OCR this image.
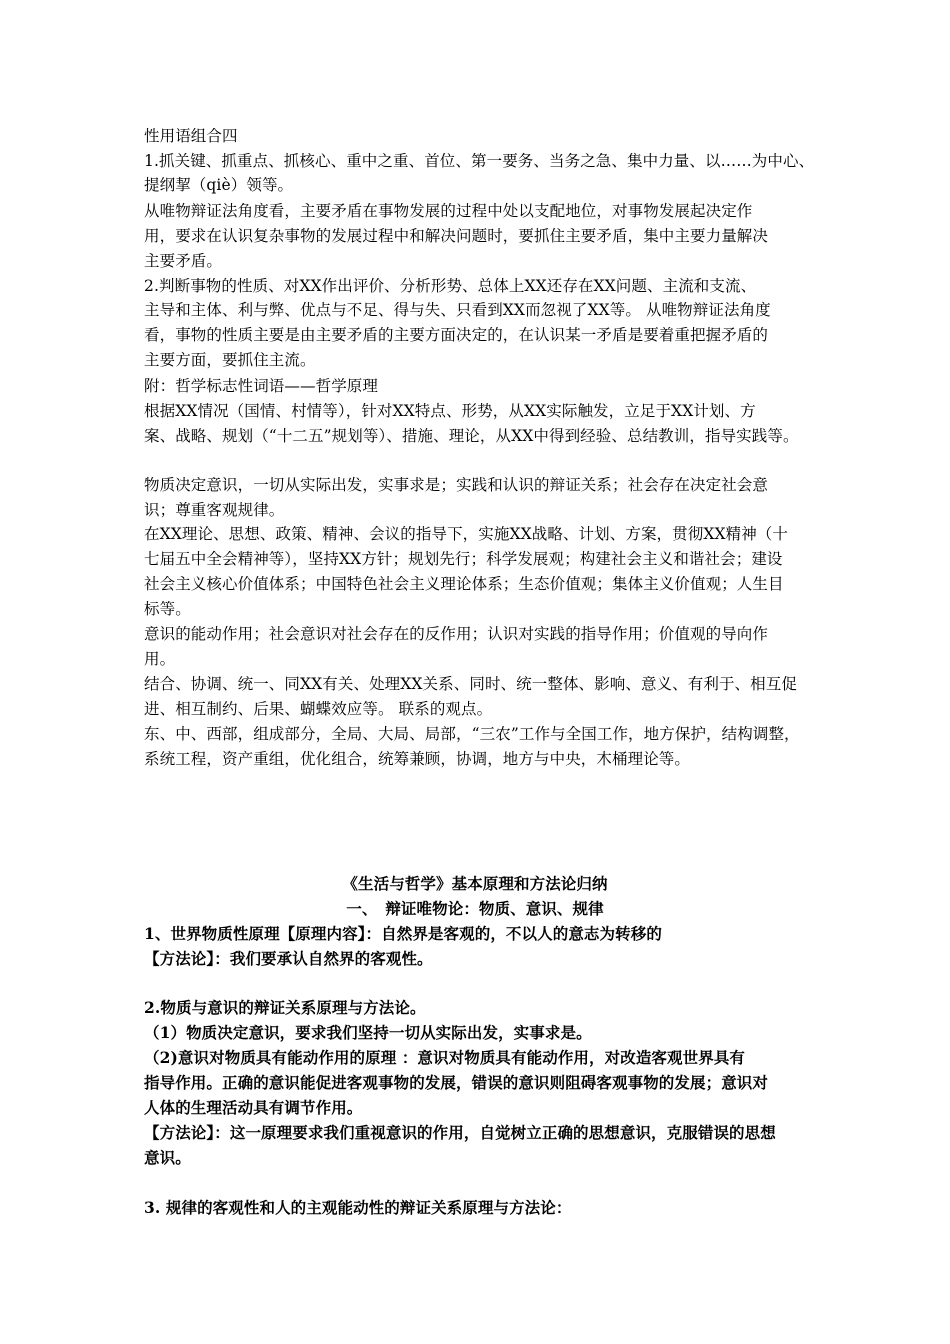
性用语组合四
1.抓关键、抓重点、抓核心、重中之重、首位、第一要务、当务之急、集中力量、以……为中心、
提纲挈（qiè）领等。
从唯物辩证法角度看，主要矛盾在事物发展的过程中处以支配地位，对事物发展起决定作
用，要求在认识复杂事物的发展过程中和解决问题时，要抓住主要矛盾，集中主要力量解决
主要矛盾。
2.判断事物的性质、对XX作出评价、分析形势、总体上XX还存在XX问题、主流和支流、
主导和主体、利与弊、优点与不足、得与失、只看到XX而忽视了XX等。 从唯物辩证法角度
看，事物的性质主要是由主要矛盾的主要方面决定的，在认识某一矛盾是要着重把握矛盾的
主要方面，要抓住主流。
附：哲学标志性词语——哲学原理
根据XX情况（国情、村情等），针对XX特点、形势，从XX实际触发，立足于XX计划、方
案、战略、规划（“十二五”规划等）、措施、理论，从XX中得到经验、总结教训，指导实践等。
物质决定意识，一切从实际出发，实事求是；实践和认识的辩证关系；社会存在决定社会意
识；尊重客观规律。
在XX理论、思想、政策、精神、会议的指导下，实施XX战略、计划、方案，贯彻XX精神（十
七届五中全会精神等），坚持XX方针；规划先行；科学发展观；构建社会主义和谐社会；建设
社会主义核心价值体系；中国特色社会主义理论体系；生态价值观；集体主义价值观；人生目
标等。
意识的能动作用；社会意识对社会存在的反作用；认识对实践的指导作用；价值观的导向作
用。
结合、协调、统一、同XX有关、处理XX关系、同时、统一整体、影响、意义、有利于、相互促
进、相互制约、后果、蝴蝶效应等。 联系的观点。
东、中、西部，组成部分，全局、大局、局部，“三农”工作与全国工作，地方保护，结构调整，
系统工程，资产重组，优化组合，统筹兼顾，协调，地方与中央，木桶理论等。
《生活与哲学》基本原理和方法论归纳
一、　辩证唯物论：物质、意识、规律
1、世界物质性原理【原理内容】：自然界是客观的，不以人的意志为转移的
【方法论】：我们要承认自然界的客观性。
2.物质与意识的辩证关系原理与方法论。
（1）物质决定意识，要求我们坚持一切从实际出发，实事求是。
（2)意识对物质具有能动作用的原理 ：意识对物质具有能动作用，对改造客观世界具有
指导作用。正确的意识能促进客观事物的发展，错误的意识则阻碍客观事物的发展；意识对
人体的生理活动具有调节作用。
【方法论】：这一原理要求我们重视意识的作用，自觉树立正确的思想意识，克服错误的思想
意识。
3. 规律的客观性和人的主观能动性的辩证关系原理与方法论：
